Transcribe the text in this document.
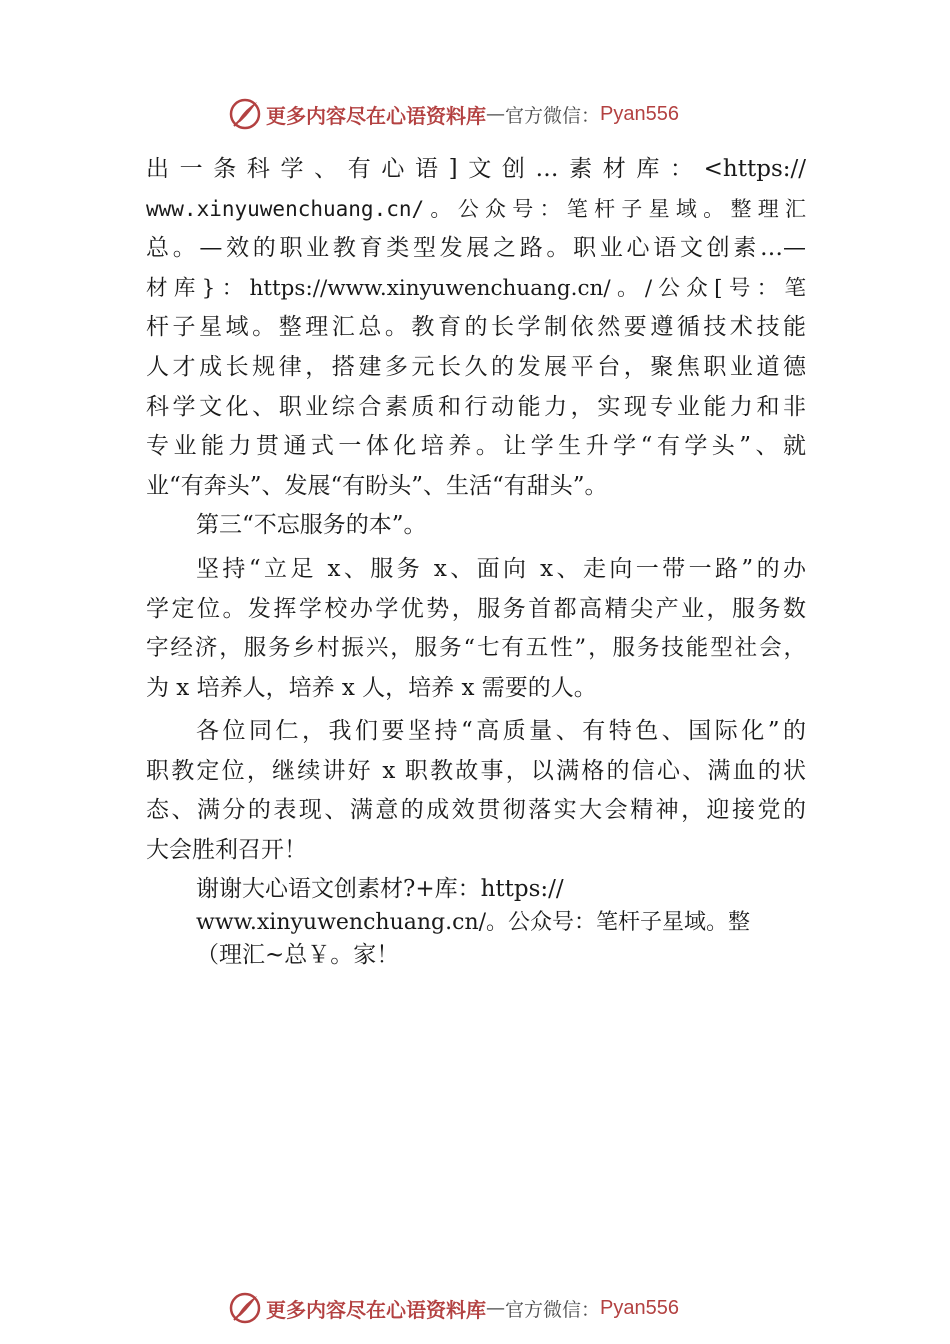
更多内容尽在心语资料库 — 官方微信： Pyan556
出一条科学、有心语]文创…素材库：<https://
www.xinyuwenchuang.cn/。公众号：笔杆子星域。整理汇
总。—效的职业教育类型发展之路。职业心语文创素…—
材库}：https://www.xinyuwenchuang.cn/。/公众[号：笔
杆子星域。整理汇总。教育的长学制依然要遵循技术技能
人才成长规律，搭建多元长久的发展平台，聚焦职业道德
科学文化、职业综合素质和行动能力，实现专业能力和非
专业能力贯通式一体化培养。让学生升学“有学头”、就
业“有奔头”、发展“有盼头”、生活“有甜头”。
第三“不忘服务的本”。
坚持“立足 x、服务 x、面向 x、走向一带一路”的办
学定位。发挥学校办学优势，服务首都高精尖产业，服务数
字经济，服务乡村振兴，服务“七有五性”，服务技能型社会，
为 x 培养人，培养 x 人，培养 x 需要的人。
各位同仁，我们要坚持“高质量、有特色、国际化”的
职教定位，继续讲好 x 职教故事，以满格的信心、满血的状
态、满分的表现、满意的成效贯彻落实大会精神，迎接党的
大会胜利召开！
谢谢大心语文创素材?+库：https://
www.xinyuwenchuang.cn/。公众号：笔杆子星域。整
（理汇~总￥。家！
更多内容尽在心语资料库 — 官方微信： Pyan556
